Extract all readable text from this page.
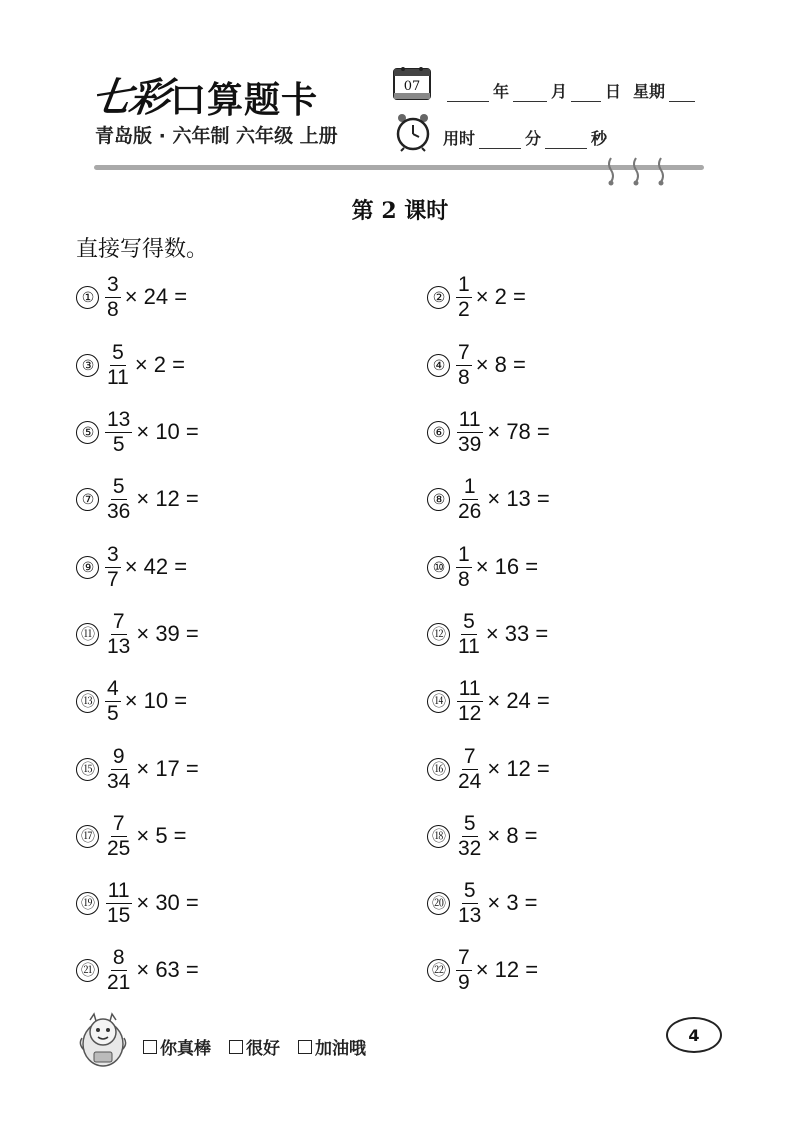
七彩 口算题卡
青岛版 · 六年制 六年级 上册
07	年	月 日 星期
用时	分	秒
第 2 课时
直接写得数。
① $\frac{3}{8} \times 24$ =	② $\frac{1}{2} \times 2$ =
③ $\frac{5}{11} \times 2$ =	④ $\frac{7}{8} \times 8$ =
⑤ $\frac{13}{5} \times 10$ =	⑥ $\frac{11}{39} \times 78$ =
⑦ $\frac{5}{36} \times 12$ =	⑧ $\frac{1}{26} \times 13$ =
⑨ $\frac{3}{7} \times 42$ =	⑩ $\frac{1}{8} \times 16$ =
⑪ $\frac{7}{13} \times 39$ =	⑫ $\frac{5}{11} \times 33$ =
⑬ $\frac{4}{5} \times 10$ =	⑭ $\frac{11}{12} \times 24$ =
⑮ $\frac{9}{34} \times 17$ =	⑯ $\frac{7}{24} \times 12$ =
⑰ $\frac{7}{25} \times 5$ =	⑱ $\frac{5}{32} \times 8$ =
⑲ $\frac{11}{15} \times 30$ =	⑳ $\frac{5}{13} \times 3$ =
㉑ $\frac{8}{21} \times 63$ =	㉒ $\frac{7}{9} \times 12$ =
你真棒 很好 加油哦
4
